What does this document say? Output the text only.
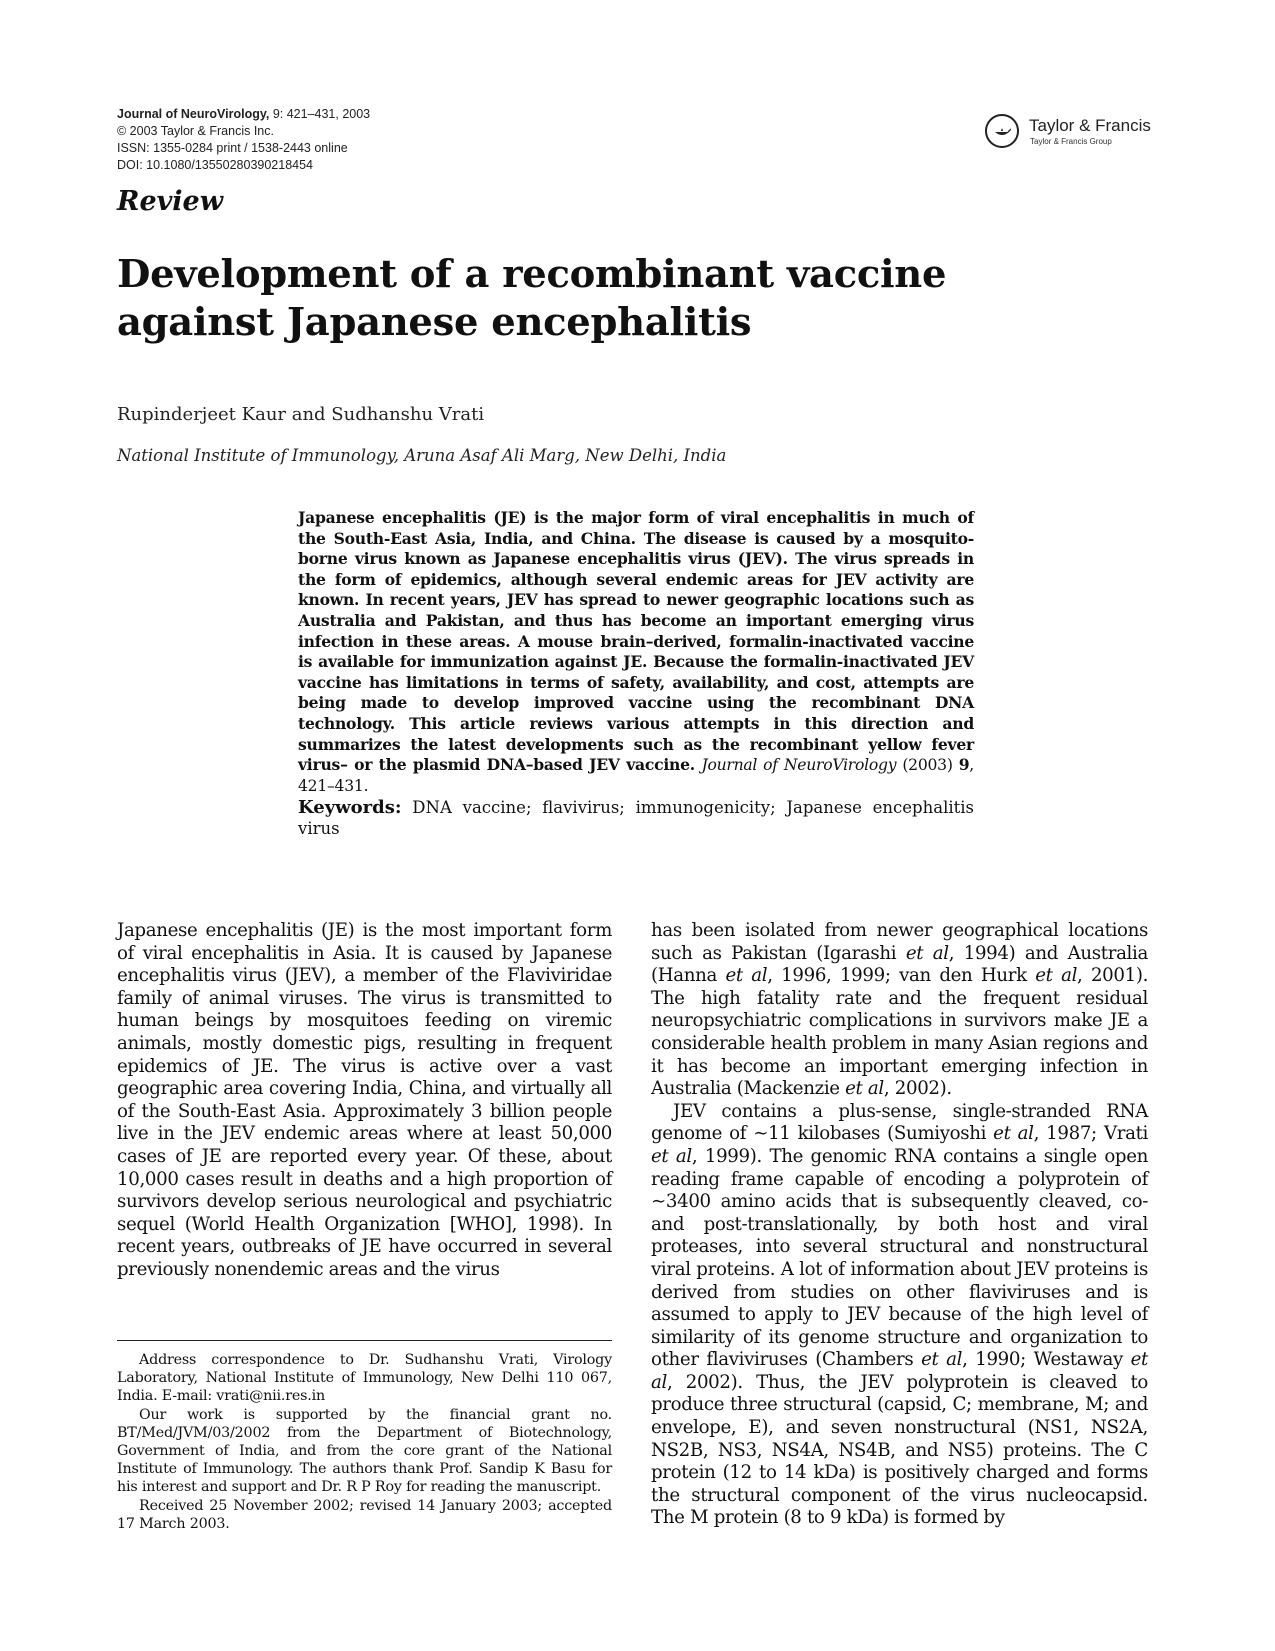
Journal of NeuroVirology, 9: 421–431, 2003
© 2003 Taylor & Francis Inc.
ISSN: 1355-0284 print / 1538-2443 online
DOI: 10.1080/13550280390218454
Taylor & Francis
Taylor & Francis Group
Review
Development of a recombinant vaccine against Japanese encephalitis
Rupinderjeet Kaur and Sudhanshu Vrati
National Institute of Immunology, Aruna Asaf Ali Marg, New Delhi, India
Japanese encephalitis (JE) is the major form of viral encephalitis in much of the South-East Asia, India, and China. The disease is caused by a mosquito-borne virus known as Japanese encephalitis virus (JEV). The virus spreads in the form of epidemics, although several endemic areas for JEV activity are known. In recent years, JEV has spread to newer geographic locations such as Australia and Pakistan, and thus has become an important emerging virus infection in these areas. A mouse brain–derived, formalin-inactivated vaccine is available for immunization against JE. Because the formalin-inactivated JEV vaccine has limitations in terms of safety, availability, and cost, attempts are being made to develop improved vaccine using the recombinant DNA technology. This article reviews various attempts in this direction and summarizes the latest developments such as the recombinant yellow fever virus– or the plasmid DNA–based JEV vaccine. Journal of NeuroVirology (2003) 9, 421–431.
Keywords: DNA vaccine; flavivirus; immunogenicity; Japanese encephalitis virus

Japanese encephalitis (JE) is the most important form of viral encephalitis in Asia. It is caused by Japanese encephalitis virus (JEV), a member of the Flaviviridae family of animal viruses. The virus is transmitted to human beings by mosquitoes feeding on viremic animals, mostly domestic pigs, resulting in frequent epidemics of JE. The virus is active over a vast geographic area covering India, China, and virtually all of the South-East Asia. Approximately 3 billion people live in the JEV endemic areas where at least 50,000 cases of JE are reported every year. Of these, about 10,000 cases result in deaths and a high proportion of survivors develop serious neurological and psychiatric sequel (World Health Organization [WHO], 1998). In recent years, outbreaks of JE have occurred in several previously nonendemic areas and the virus

has been isolated from newer geographical locations such as Pakistan (Igarashi et al, 1994) and Australia (Hanna et al, 1996, 1999; van den Hurk et al, 2001). The high fatality rate and the frequent residual neuropsychiatric complications in survivors make JE a considerable health problem in many Asian regions and it has become an important emerging infection in Australia (Mackenzie et al, 2002).

JEV contains a plus-sense, single-stranded RNA genome of ∼11 kilobases (Sumiyoshi et al, 1987; Vrati et al, 1999). The genomic RNA contains a single open reading frame capable of encoding a polyprotein of ∼3400 amino acids that is subsequently cleaved, co- and post-translationally, by both host and viral proteases, into several structural and nonstructural viral proteins. A lot of information about JEV proteins is derived from studies on other flaviviruses and is assumed to apply to JEV because of the high level of similarity of its genome structure and organization to other flaviviruses (Chambers et al, 1990; Westaway et al, 2002). Thus, the JEV polyprotein is cleaved to produce three structural (capsid, C; membrane, M; and envelope, E), and seven nonstructural (NS1, NS2A, NS2B, NS3, NS4A, NS4B, and NS5) proteins. The C protein (12 to 14 kDa) is positively charged and forms the structural component of the virus nucleocapsid. The M protein (8 to 9 kDa) is formed by

Address correspondence to Dr. Sudhanshu Vrati, Virology Laboratory, National Institute of Immunology, New Delhi 110 067, India. E-mail: vrati@nii.res.in

Our work is supported by the financial grant no. BT/Med/JVM/03/2002 from the Department of Biotechnology, Government of India, and from the core grant of the National Institute of Immunology. The authors thank Prof. Sandip K Basu for his interest and support and Dr. R P Roy for reading the manuscript.

Received 25 November 2002; revised 14 January 2003; accepted 17 March 2003.
